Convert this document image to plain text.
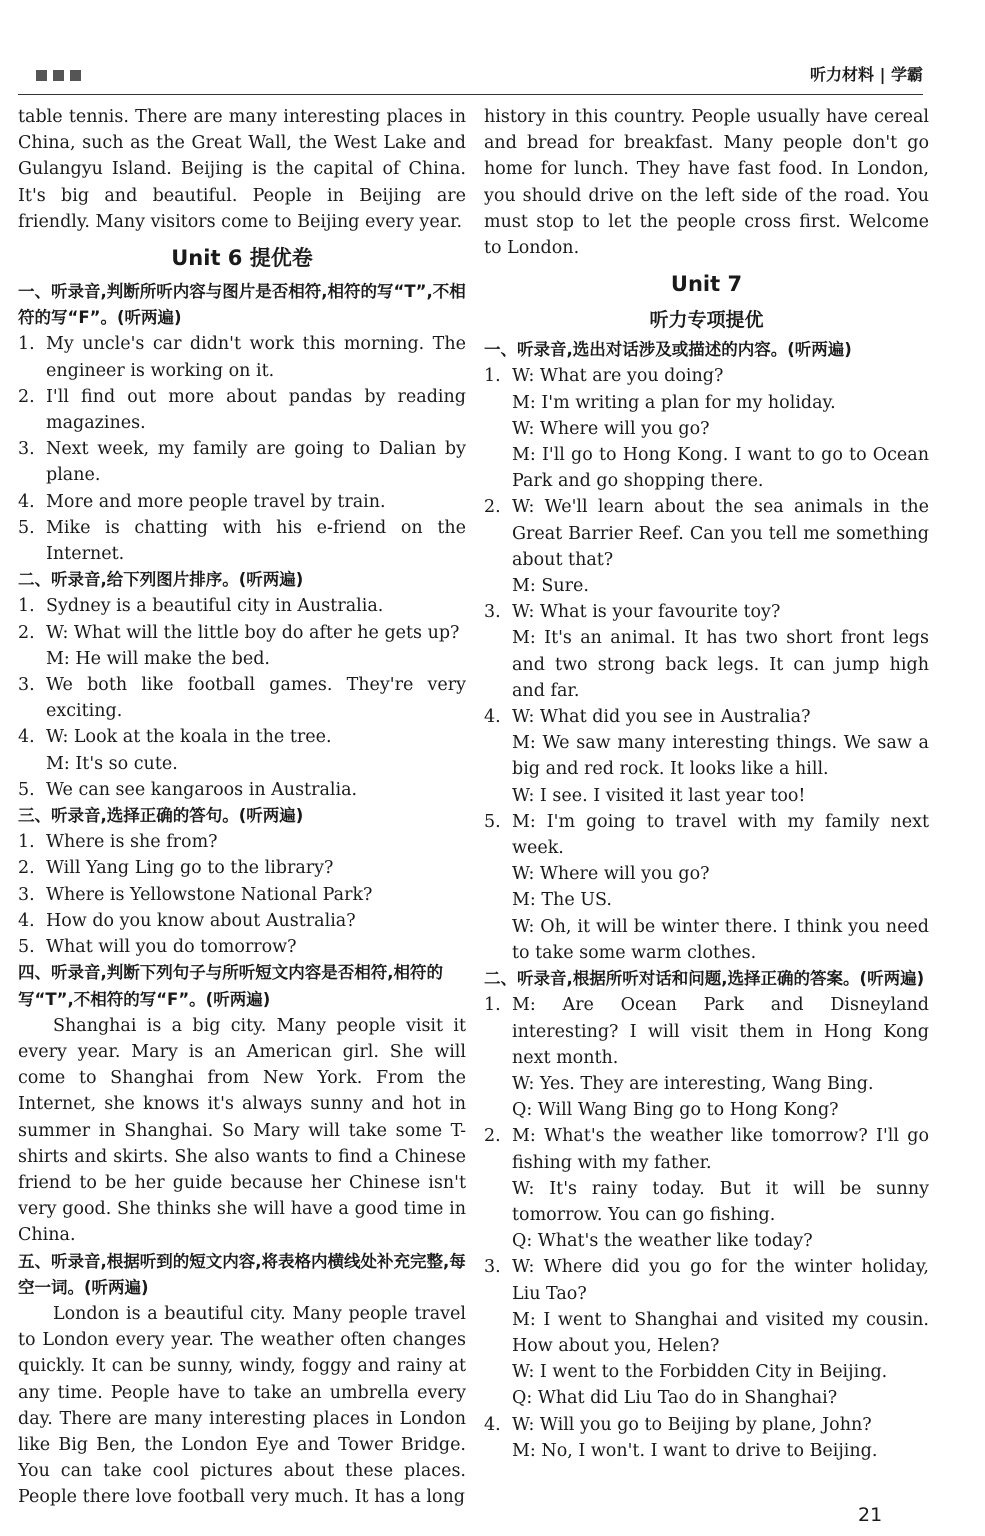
听力材料 | 学霸

table tennis. There are many interesting places in China, such as the Great Wall, the West Lake and Gulangyu Island. Beijing is the capital of China. It's big and beautiful. People in Beijing are friendly. Many visitors come to Beijing every year.

Unit 6 提优卷
一、听录音,判断所听内容与图片是否相符,相符的写“T”,不相符的写“F”。(听两遍)
1. My uncle's car didn't work this morning. The engineer is working on it.
2. I'll find out more about pandas by reading magazines.
3. Next week, my family are going to Dalian by plane.
4. More and more people travel by train.
5. Mike is chatting with his e-friend on the Internet.
二、听录音,给下列图片排序。(听两遍)
1. Sydney is a beautiful city in Australia.
2. W: What will the little boy do after he gets up?
M: He will make the bed.
3. We both like football games. They're very exciting.
4. W: Look at the koala in the tree.
M: It's so cute.
5. We can see kangaroos in Australia.
三、听录音,选择正确的答句。(听两遍)
1. Where is she from?
2. Will Yang Ling go to the library?
3. Where is Yellowstone National Park?
4. How do you know about Australia?
5. What will you do tomorrow?
四、听录音,判断下列句子与所听短文内容是否相符,相符的写“T”,不相符的写“F”。(听两遍)

Shanghai is a big city. Many people visit it every year. Mary is an American girl. She will come to Shanghai from New York. From the Internet, she knows it's always sunny and hot in summer in Shanghai. So Mary will take some T-shirts and skirts. She also wants to find a Chinese friend to be her guide because her Chinese isn't very good. She thinks she will have a good time in China.

五、听录音,根据听到的短文内容,将表格内横线处补充完整,每空一词。(听两遍)

London is a beautiful city. Many people travel to London every year. The weather often changes quickly. It can be sunny, windy, foggy and rainy at any time. People have to take an umbrella every day. There are many interesting places in London like Big Ben, the London Eye and Tower Bridge. You can take cool pictures about these places. People there love football very much. It has a long

history in this country. People usually have cereal and bread for breakfast. Many people don't go home for lunch. They have fast food. In London, you should drive on the left side of the road. You must stop to let the people cross first. Welcome to London.

Unit 7
听力专项提优
一、听录音,选出对话涉及或描述的内容。(听两遍)
1. W: What are you doing?
M: I'm writing a plan for my holiday.
W: Where will you go?
M: I'll go to Hong Kong. I want to go to Ocean Park and go shopping there.
2. W: We'll learn about the sea animals in the Great Barrier Reef. Can you tell me something about that?
M: Sure.
3. W: What is your favourite toy?
M: It's an animal. It has two short front legs and two strong back legs. It can jump high and far.
4. W: What did you see in Australia?
M: We saw many interesting things. We saw a big and red rock. It looks like a hill.
W: I see. I visited it last year too!
5. M: I'm going to travel with my family next week.
W: Where will you go?
M: The US.
W: Oh, it will be winter there. I think you need to take some warm clothes.
二、听录音,根据所听对话和问题,选择正确的答案。(听两遍)
1. M: Are Ocean Park and Disneyland interesting? I will visit them in Hong Kong next month.
W: Yes. They are interesting, Wang Bing.
Q: Will Wang Bing go to Hong Kong?
2. M: What's the weather like tomorrow? I'll go fishing with my father.
W: It's rainy today. But it will be sunny tomorrow. You can go fishing.
Q: What's the weather like today?
3. W: Where did you go for the winter holiday, Liu Tao?
M: I went to Shanghai and visited my cousin. How about you, Helen?
W: I went to the Forbidden City in Beijing.
Q: What did Liu Tao do in Shanghai?
4. W: Will you go to Beijing by plane, John?
M: No, I won't. I want to drive to Beijing.
21
